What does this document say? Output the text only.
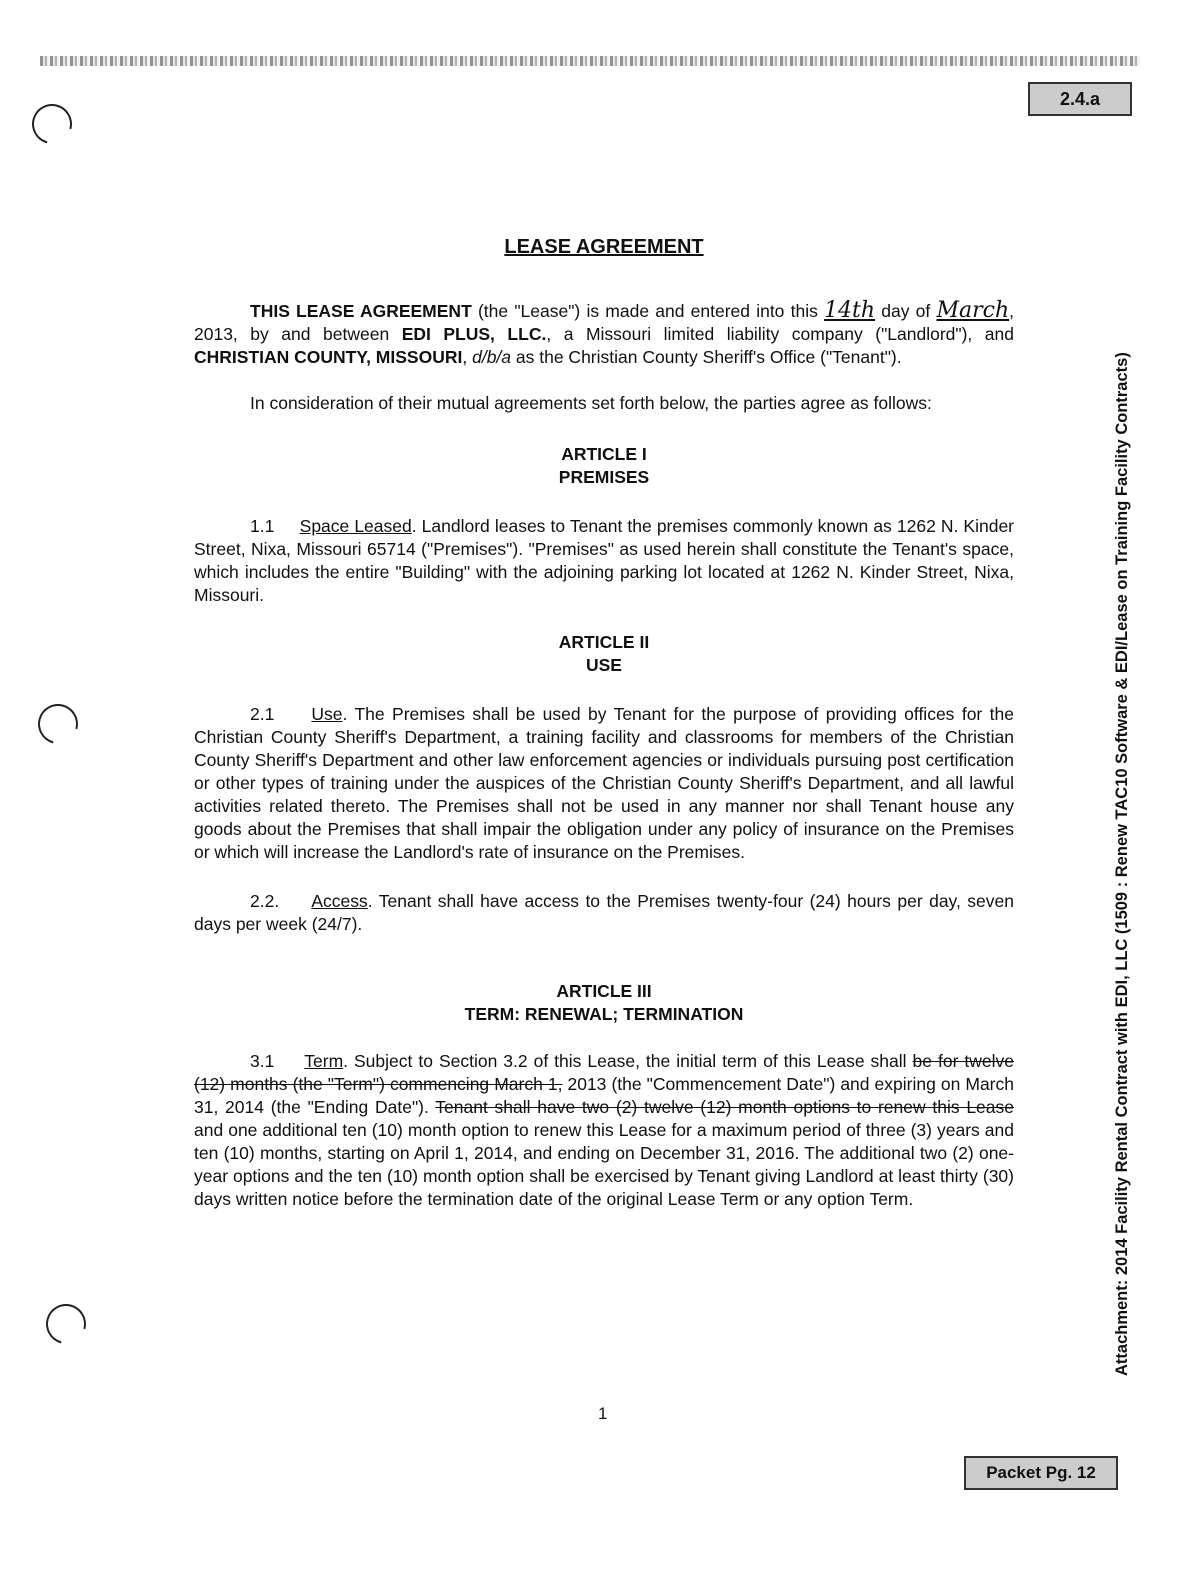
2.4.a
Attachment: 2014 Facility Rental Contract with EDI, LLC (1509 : Renew TAC10 Software & EDI/Lease on Training Facility Contracts)
LEASE AGREEMENT

THIS LEASE AGREEMENT (the "Lease") is made and entered into this 14th day of March, 2013, by and between EDI PLUS, LLC., a Missouri limited liability company ("Landlord"), and CHRISTIAN COUNTY, MISSOURI, d/b/a as the Christian County Sheriff's Office ("Tenant").

In consideration of their mutual agreements set forth below, the parties agree as follows:

ARTICLE I
PREMISES

1.1 Space Leased. Landlord leases to Tenant the premises commonly known as 1262 N. Kinder Street, Nixa, Missouri 65714 ("Premises"). "Premises" as used herein shall constitute the Tenant's space, which includes the entire "Building" with the adjoining parking lot located at 1262 N. Kinder Street, Nixa, Missouri.

ARTICLE II
USE

2.1 Use. The Premises shall be used by Tenant for the purpose of providing offices for the Christian County Sheriff's Department, a training facility and classrooms for members of the Christian County Sheriff's Department and other law enforcement agencies or individuals pursuing post certification or other types of training under the auspices of the Christian County Sheriff's Department, and all lawful activities related thereto. The Premises shall not be used in any manner nor shall Tenant house any goods about the Premises that shall impair the obligation under any policy of insurance on the Premises or which will increase the Landlord's rate of insurance on the Premises.

2.2. Access. Tenant shall have access to the Premises twenty-four (24) hours per day, seven days per week (24/7).

ARTICLE III
TERM: RENEWAL; TERMINATION

3.1 Term. Subject to Section 3.2 of this Lease, the initial term of this Lease shall be for twelve (12) months (the "Term") commencing March 1, 2013 (the "Commencement Date") and expiring on March 31, 2014 (the "Ending Date"). Tenant shall have two (2) twelve (12) month options to renew this Lease and one additional ten (10) month option to renew this Lease for a maximum period of three (3) years and ten (10) months, starting on April 1, 2014, and ending on December 31, 2016. The additional two (2) one-year options and the ten (10) month option shall be exercised by Tenant giving Landlord at least thirty (30) days written notice before the termination date of the original Lease Term or any option Term.

1
Packet Pg. 12
